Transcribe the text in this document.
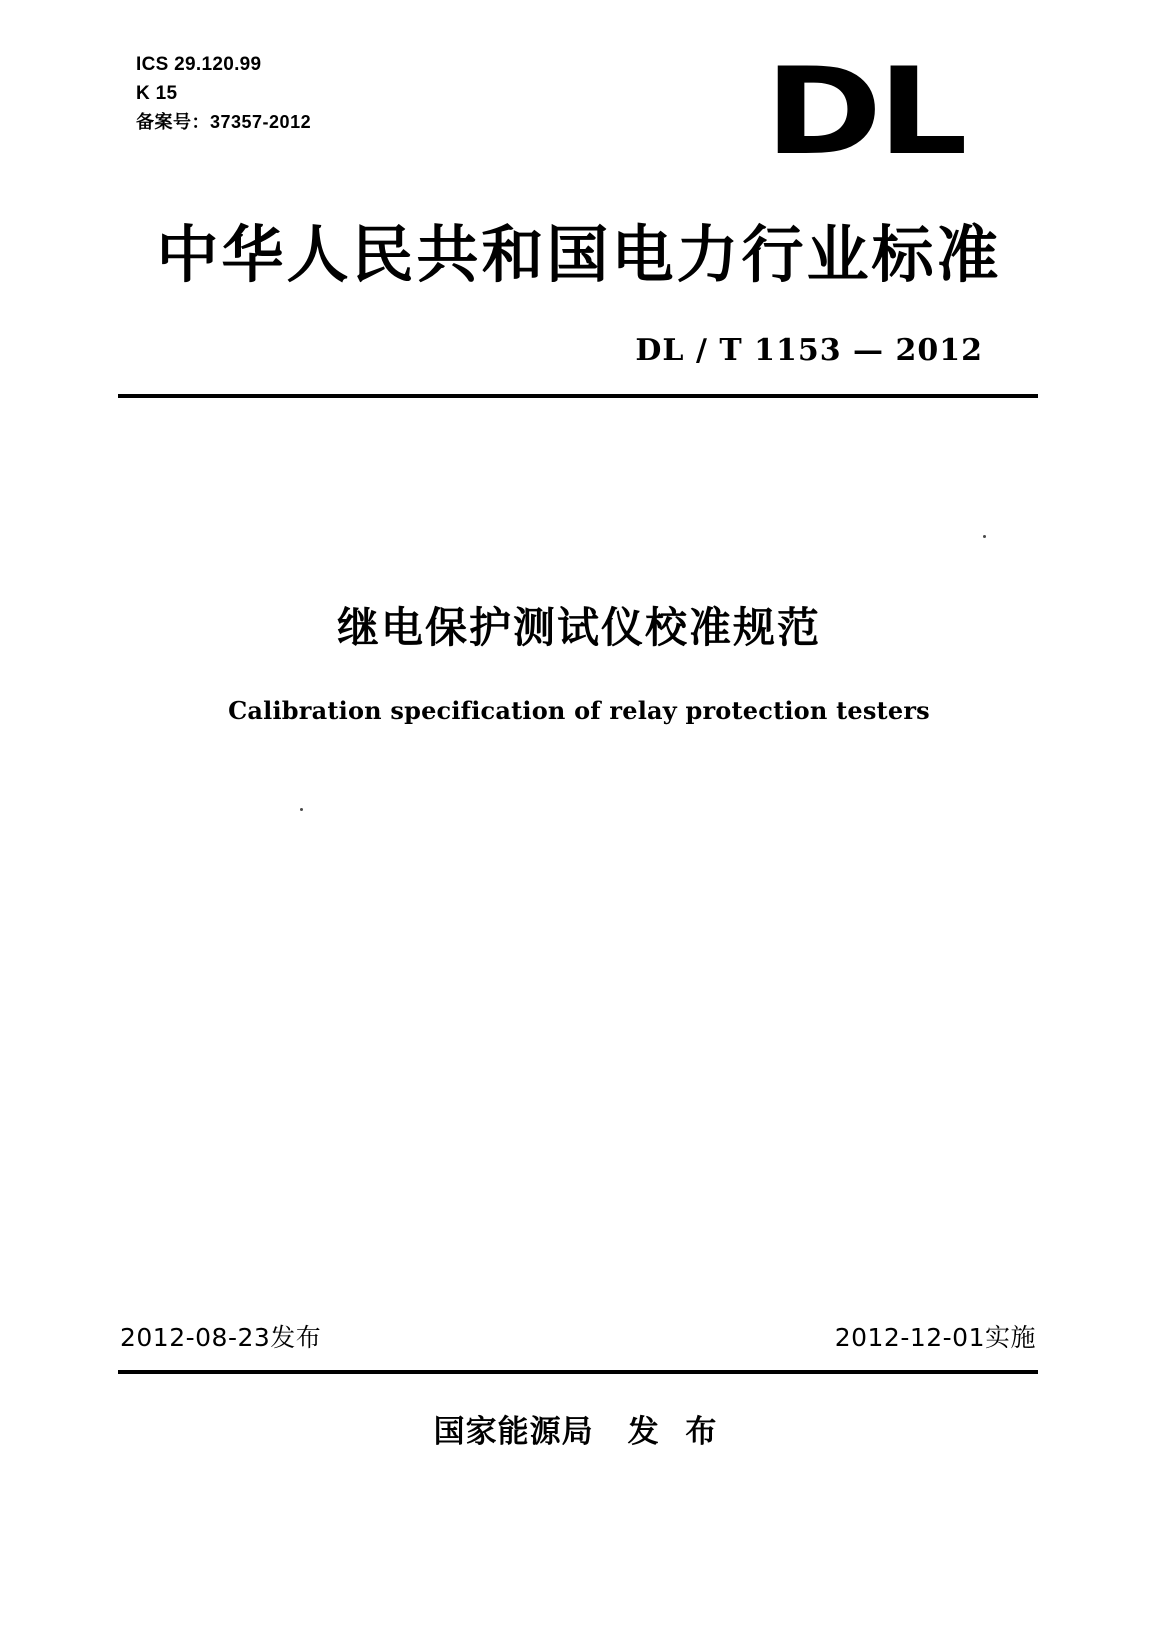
ICS 29.120.99
K 15
备案号：37357-2012	DL
中华人民共和国电力行业标准
DL / T 1153 — 2012
继电保护测试仪校准规范
Calibration specification of relay protection testers
2012-08-23发布	2012-12-01实施
国家能源局 发 布
